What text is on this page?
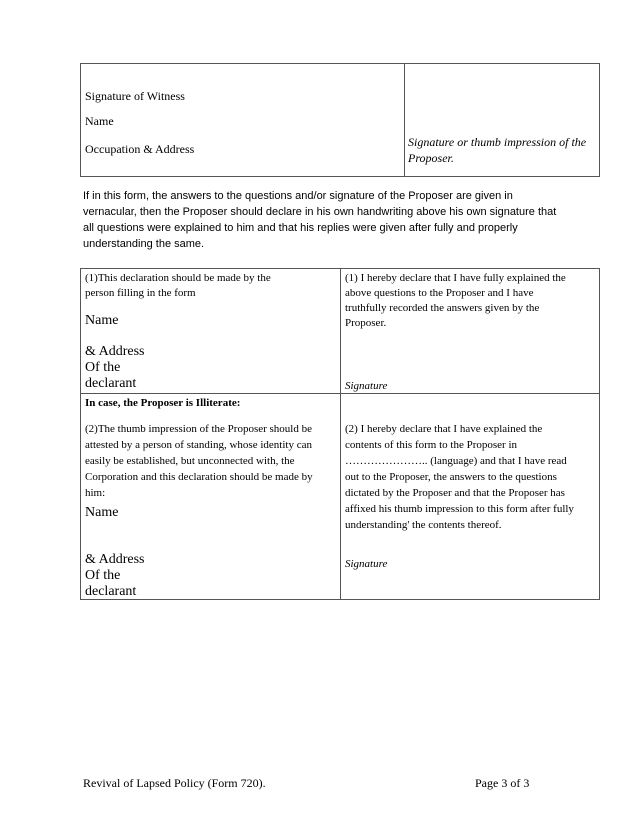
Signature of Witness
Name
Occupation & Address	Signature or thumb impression of the
Proposer.
If in this form, the answers to the questions and/or signature of the Proposer are given in
vernacular, then the Proposer should declare in his own handwriting above his own signature that
all questions were explained to him and that his replies were given after fully and properly
understanding the same.
(1)This declaration should be made by the
person filling in the form
Name
& Address
Of the
declarant
(1) I hereby declare that I have fully explained the
above questions to the Proposer and I have
truthfully recorded the answers given by the
Proposer.
Signature
In case, the Proposer is Illiterate:
(2)The thumb impression of the Proposer should be
attested by a person of standing, whose identity can
easily be established, but unconnected with, the
Corporation and this declaration should be made by
him:
Name
& Address
Of the
declarant
(2) I hereby declare that I have explained the
contents of this form to the Proposer in
………………….. (language) and that I have read
out to the Proposer, the answers to the questions
dictated by the Proposer and that the Proposer has
affixed his thumb impression to this form after fully
understanding' the contents thereof.
Signature
Revival of Lapsed Policy (Form 720).	Page 3 of 3
